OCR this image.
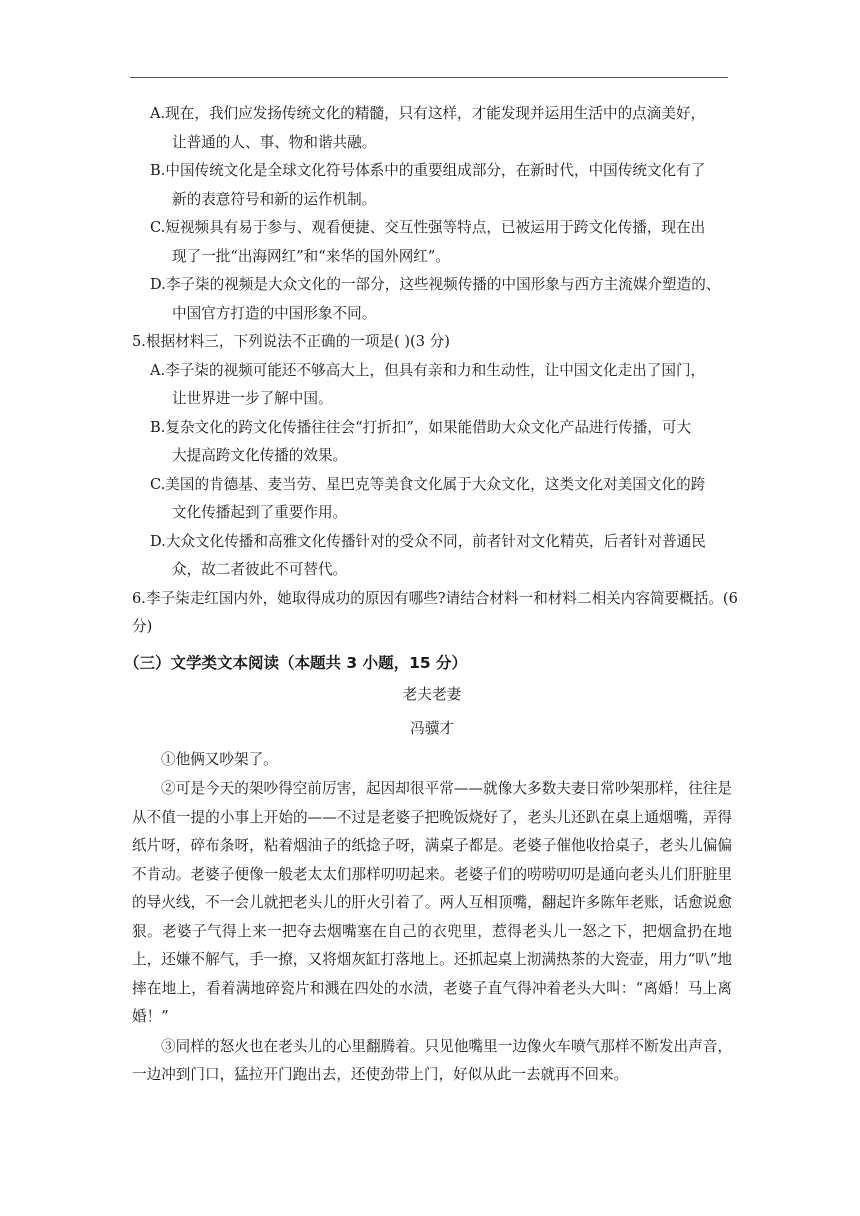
A.现在，我们应发扬传统文化的精髓，只有这样，才能发现并运用生活中的点滴美好，
让普通的人、事、物和谐共融。
B.中国传统文化是全球文化符号体系中的重要组成部分，在新时代，中国传统文化有了
新的表意符号和新的运作机制。
C.短视频具有易于参与、观看便捷、交互性强等特点，已被运用于跨文化传播，现在出
现了一批“出海网红”和“来华的国外网红”。
D.李子柒的视频是大众文化的一部分，这些视频传播的中国形象与西方主流媒介塑造的、
中国官方打造的中国形象不同。
5.根据材料三，下列说法不正确的一项是( )(3 分)
A.李子柒的视频可能还不够高大上，但具有亲和力和生动性，让中国文化走出了国门，
让世界进一步了解中国。
B.复杂文化的跨文化传播往往会“打折扣”，如果能借助大众文化产品进行传播，可大
大提高跨文化传播的效果。
C.美国的肯德基、麦当劳、星巴克等美食文化属于大众文化，这类文化对美国文化的跨
文化传播起到了重要作用。
D.大众文化传播和高雅文化传播针对的受众不同，前者针对文化精英，后者针对普通民
众，故二者彼此不可替代。
6.李子柒走红国内外，她取得成功的原因有哪些?请结合材料一和材料二相关内容简要概括。(6
分)
（三）文学类文本阅读（本题共 3 小题，15 分）
老夫老妻
冯骥才

①他俩又吵架了。

②可是今天的架吵得空前厉害，起因却很平常——就像大多数夫妻日常吵架那样，往往是从不值一提的小事上开始的——不过是老婆子把晚饭烧好了，老头儿还趴在桌上通烟嘴，弄得纸片呀，碎布条呀，粘着烟油子的纸捻子呀，满桌子都是。老婆子催他收拾桌子，老头儿偏偏不肯动。老婆子便像一般老太太们那样叨叨起来。老婆子们的唠唠叨叨是通向老头儿们肝脏里的导火线，不一会儿就把老头儿的肝火引着了。两人互相顶嘴，翻起许多陈年老账，话愈说愈狠。老婆子气得上来一把夺去烟嘴塞在自己的衣兜里，惹得老头儿一怒之下，把烟盒扔在地上，还嫌不解气，手一撩，又将烟灰缸打落地上。还抓起桌上沏满热茶的大瓷壶，用力“叭”地摔在地上，看着满地碎瓷片和溅在四处的水渍，老婆子直气得冲着老头大叫：“离婚！马上离婚！”

③同样的怒火也在老头儿的心里翻腾着。只见他嘴里一边像火车喷气那样不断发出声音，一边冲到门口，猛拉开门跑出去，还使劲带上门，好似从此一去就再不回来。
